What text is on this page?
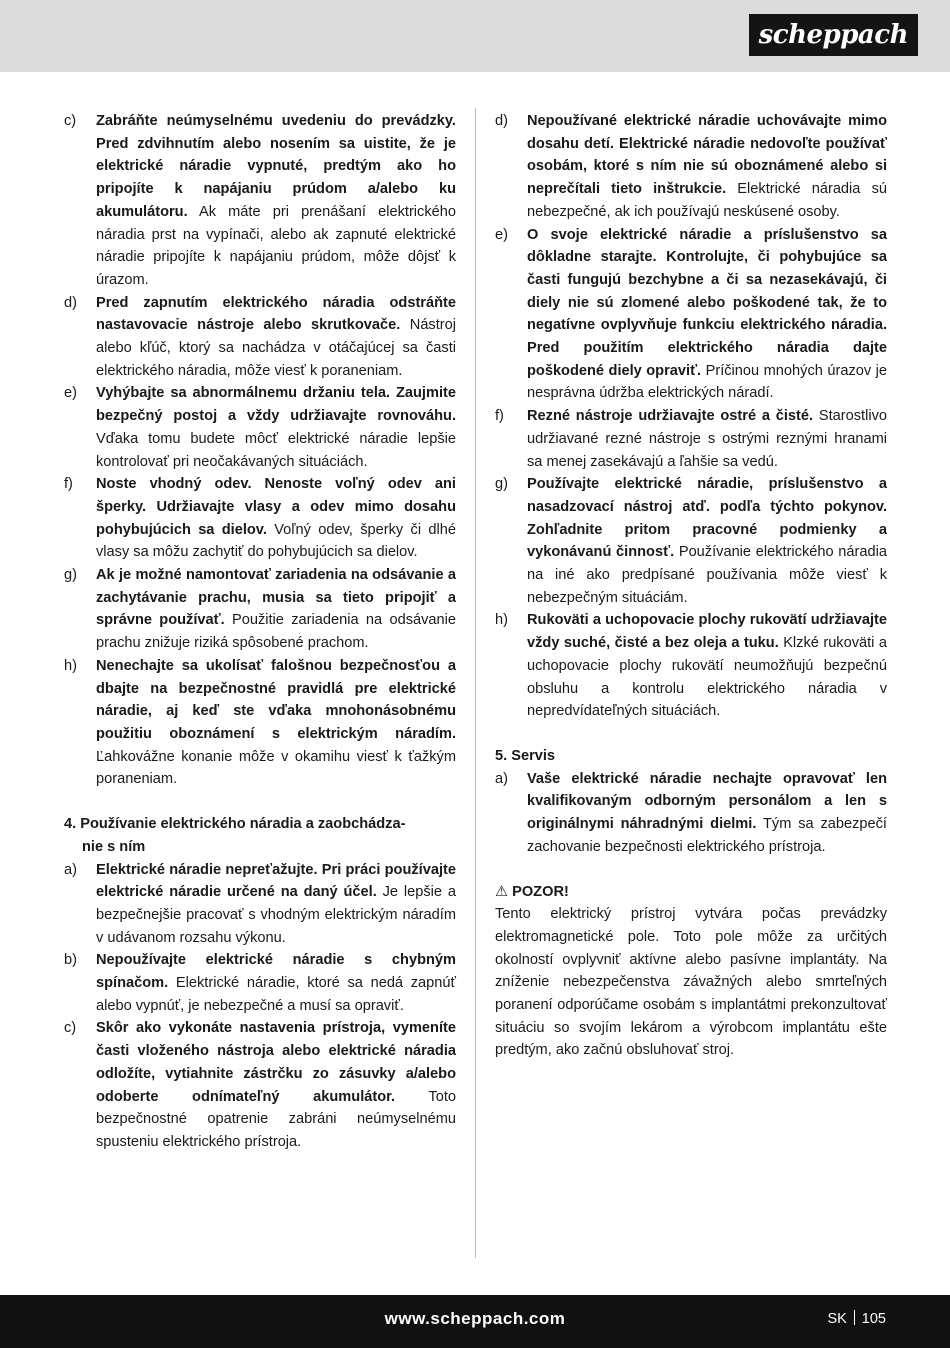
scheppach
c)	Zabráňte neúmyselnému uvedeniu do prevádzky. Pred zdvihnutím alebo nosením sa uistite, že je elektrické náradie vypnuté, predtým ako ho pripojíte k napájaniu prúdom a/alebo ku akumulátoru. Ak máte pri prenášaní elektrického náradia prst na vypínači, alebo ak zapnuté elektrické náradie pripojíte k napájaniu prúdom, môže dôjsť k úrazom.
d)	Pred zapnutím elektrického náradia odstráňte nastavovacie nástroje alebo skrutkovače. Nástroj alebo kľúč, ktorý sa nachádza v otáčajúcej sa časti elektrického náradia, môže viesť k poraneniam.
e)	Vyhýbajte sa abnormálnemu držaniu tela. Zaujmite bezpečný postoj a vždy udržiavajte rovnováhu. Vďaka tomu budete môcť elektrické náradie lepšie kontrolovať pri neočakávaných situáciách.
f)	Noste vhodný odev. Nenoste voľný odev ani šperky. Udržiavajte vlasy a odev mimo dosahu pohybujúcich sa dielov. Voľný odev, šperky či dlhé vlasy sa môžu zachytiť do pohybujúcich sa dielov.
g)	Ak je možné namontovať zariadenia na odsávanie a zachytávanie prachu, musia sa tieto pripojiť a správne používať. Použitie zariadenia na odsávanie prachu znižuje riziká spôsobené prachom.
h)	Nenechajte sa ukolísať falošnou bezpečnosťou a dbajte na bezpečnostné pravidlá pre elektrické náradie, aj keď ste vďaka mnohonásobnému použitiu oboznámení s elektrickým náradím. Ľahkovážne konanie môže v okamihu viesť k ťažkým poraneniam.
4. Používanie elektrického náradia a zaobchádza-
nie s ním
a)	Elektrické náradie nepreťažujte. Pri práci používajte elektrické náradie určené na daný účel. Je lepšie a bezpečnejšie pracovať s vhodným elektrickým náradím v udávanom rozsahu výkonu.
b)	Nepoužívajte elektrické náradie s chybným spínačom. Elektrické náradie, ktoré sa nedá zapnúť alebo vypnúť, je nebezpečné a musí sa opraviť.
c)	Skôr ako vykonáte nastavenia prístroja, vymeníte časti vloženého nástroja alebo elektrické náradia odložíte, vytiahnite zástrčku zo zásuvky a/alebo odoberte odnímateľný akumulátor. Toto bezpečnostné opatrenie zabráni neúmyselnému spusteniu elektrického prístroja.
d)	Nepoužívané elektrické náradie uchovávajte mimo dosahu detí. Elektrické náradie nedovoľte používať osobám, ktoré s ním nie sú oboznámené alebo si neprečítali tieto inštrukcie. Elektrické náradia sú nebezpečné, ak ich používajú neskúsené osoby.
e)	O svoje elektrické náradie a príslušenstvo sa dôkladne starajte. Kontrolujte, či pohybujúce sa časti fungujú bezchybne a či sa nezasekávajú, či diely nie sú zlomené alebo poškodené tak, že to negatívne ovplyvňuje funkciu elektrického náradia. Pred použitím elektrického náradia dajte poškodené diely opraviť. Príčinou mnohých úrazov je nesprávna údržba elektrických náradí.
f)	Rezné nástroje udržiavajte ostré a čisté. Starostlivo udržiavané rezné nástroje s ostrými reznými hranami sa menej zasekávajú a ľahšie sa vedú.
g)	Používajte elektrické náradie, príslušenstvo a nasadzovací nástroj atď. podľa týchto pokynov. Zohľadnite pritom pracovné podmienky a vykonávanú činnosť. Používanie elektrického náradia na iné ako predpísané používania môže viesť k nebezpečným situáciám.
h)	Rukoväti a uchopovacie plochy rukovätí udržiavajte vždy suché, čisté a bez oleja a tuku. Klzké rukoväti a uchopovacie plochy rukovätí neumožňujú bezpečnú obsluhu a kontrolu elektrického náradia v nepredvídateľných situáciách.
5. Servis
a)	Vaše elektrické náradie nechajte opravovať len kvalifikovaným odborným personálom a len s originálnymi náhradnými dielmi. Tým sa zabezpečí zachovanie bezpečnosti elektrického prístroja.
⚠ POZOR!
Tento elektrický prístroj vytvára počas prevádzky elektromagnetické pole. Toto pole môže za určitých okolností ovplyvniť aktívne alebo pasívne implantáty. Na zníženie nebezpečenstva závažných alebo smrteľných poranení odporúčame osobám s implantátmi prekonzultovať situáciu so svojím lekárom a výrobcom implantátu ešte predtým, ako začnú obsluhovať stroj.
www.scheppach.com	SK 105
